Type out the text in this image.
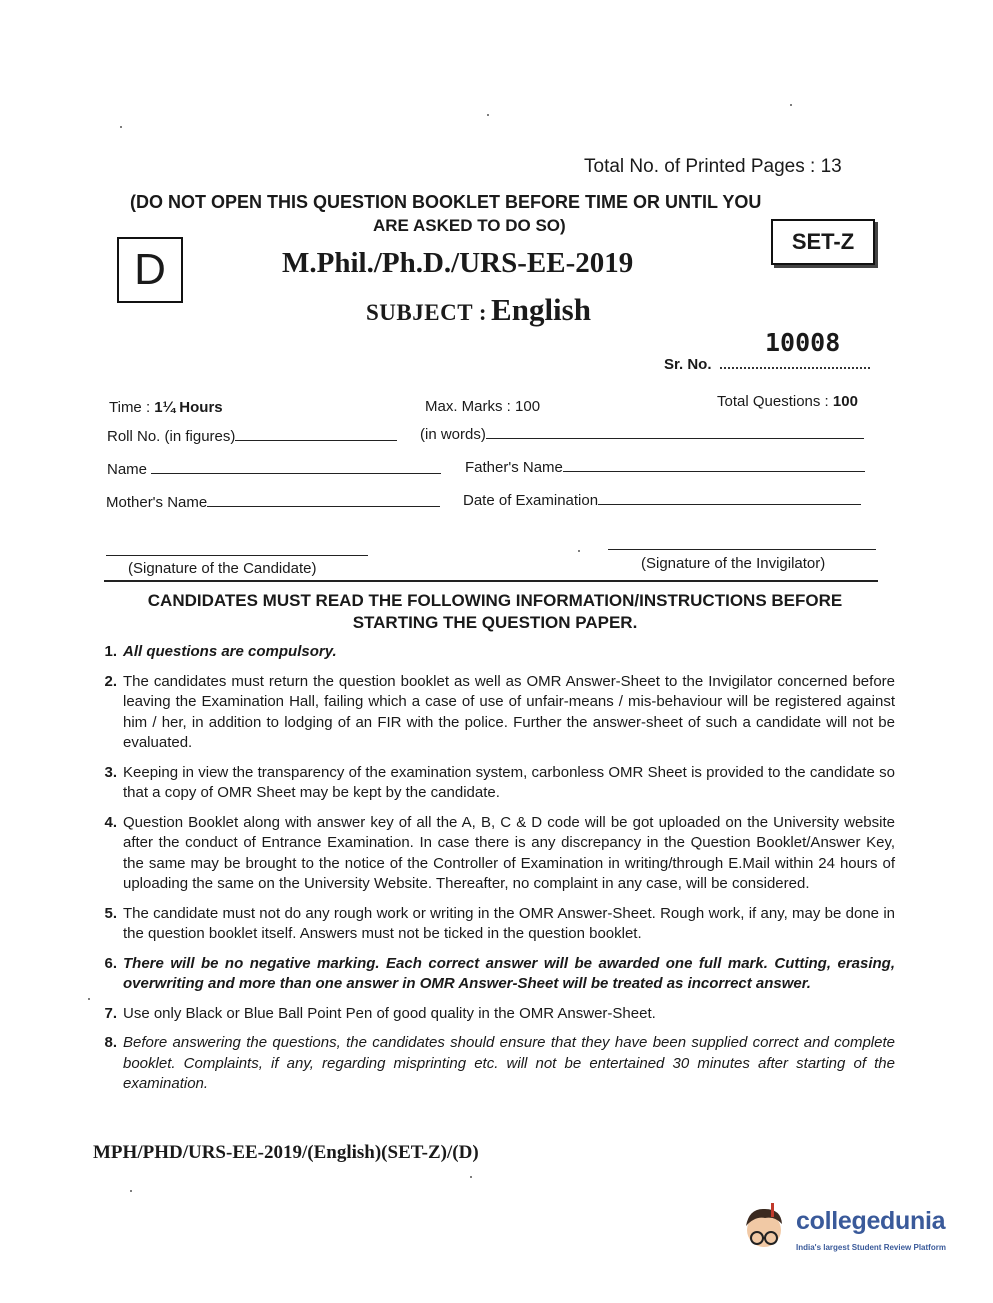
Total No. of Printed Pages : 13
(DO NOT OPEN THIS QUESTION BOOKLET BEFORE TIME OR UNTIL YOU
ARE ASKED TO DO SO)
D
SET-Z
M.Phil./Ph.D./URS-EE-2019
SUBJECT : English
10008
Sr. No.
Time : 1¼ Hours	Max. Marks : 100	Total Questions : 100
Roll No. (in figures)	(in words)
Name	Father's Name
Mother's Name	Date of Examination
(Signature of the Candidate)	(Signature of the Invigilator)
CANDIDATES MUST READ THE FOLLOWING INFORMATION/INSTRUCTIONS BEFORE
STARTING THE QUESTION PAPER.
1. All questions are compulsory.
2. The candidates must return the question booklet as well as OMR Answer-Sheet to the Invigilator concerned before leaving the Examination Hall, failing which a case of use of unfair-means / mis-behaviour will be registered against him / her, in addition to lodging of an FIR with the police. Further the answer-sheet of such a candidate will not be evaluated.
3. Keeping in view the transparency of the examination system, carbonless OMR Sheet is provided to the candidate so that a copy of OMR Sheet may be kept by the candidate.
4. Question Booklet along with answer key of all the A, B, C & D code will be got uploaded on the University website after the conduct of Entrance Examination. In case there is any discrepancy in the Question Booklet/Answer Key, the same may be brought to the notice of the Controller of Examination in writing/through E.Mail within 24 hours of uploading the same on the University Website. Thereafter, no complaint in any case, will be considered.
5. The candidate must not do any rough work or writing in the OMR Answer-Sheet. Rough work, if any, may be done in the question booklet itself. Answers must not be ticked in the question booklet.
6. There will be no negative marking. Each correct answer will be awarded one full mark. Cutting, erasing, overwriting and more than one answer in OMR Answer-Sheet will be treated as incorrect answer.
7. Use only Black or Blue Ball Point Pen of good quality in the OMR Answer-Sheet.
8. Before answering the questions, the candidates should ensure that they have been supplied correct and complete booklet. Complaints, if any, regarding misprinting etc. will not be entertained 30 minutes after starting of the examination.
MPH/PHD/URS-EE-2019/(English)(SET-Z)/(D)
collegedunia
India's largest Student Review Platform
